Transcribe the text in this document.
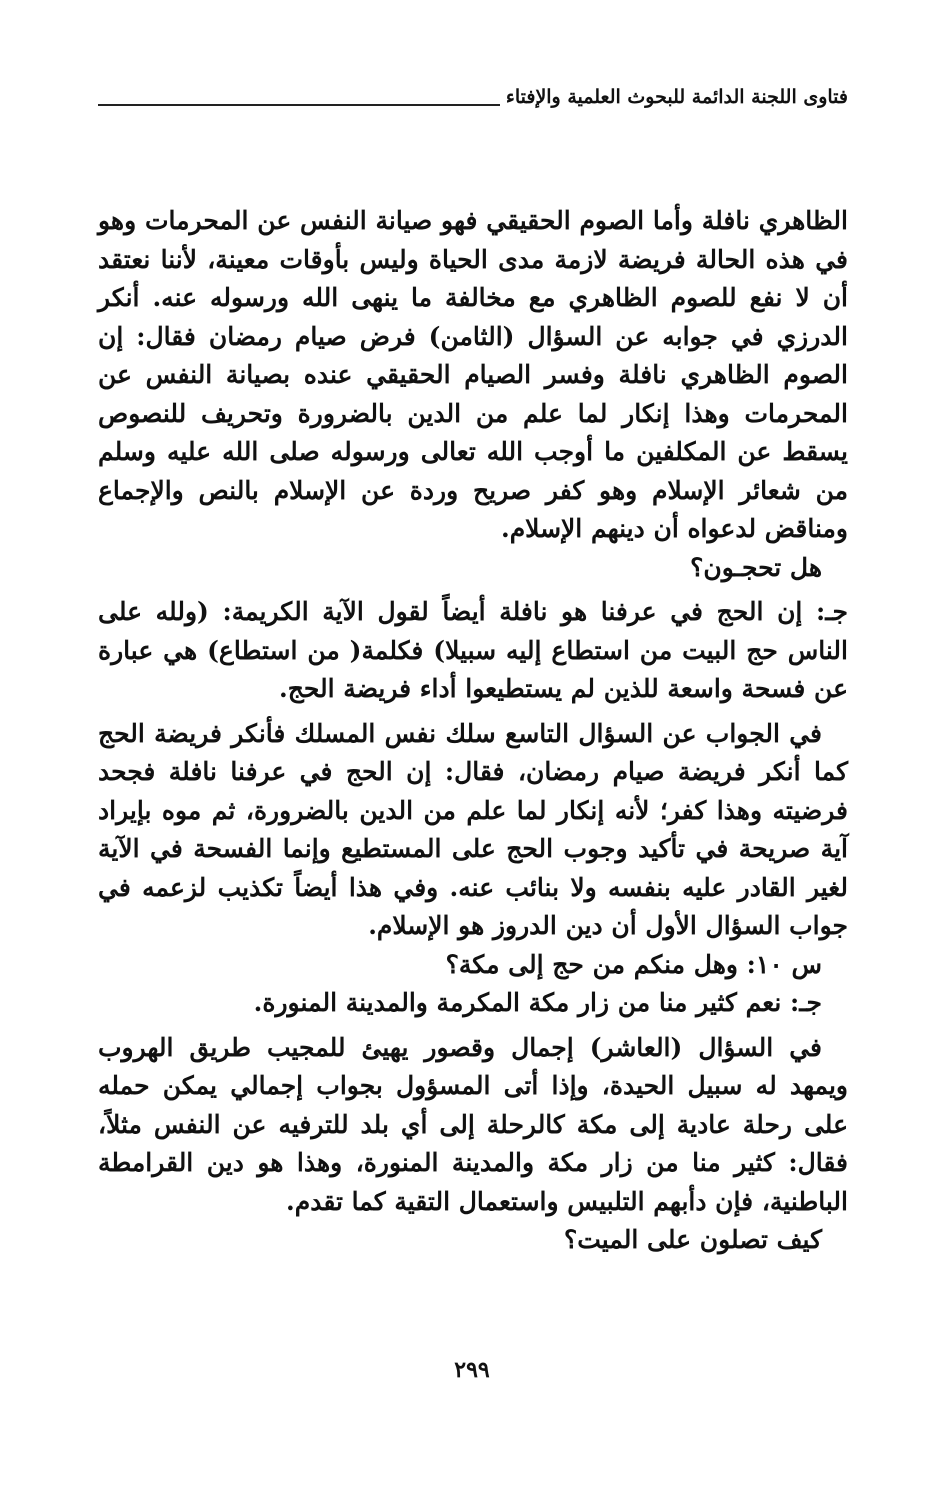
فتاوى اللجنة الدائمة للبحوث العلمية والإفتاء

الظاهري نافلة وأما الصوم الحقيقي فهو صيانة النفس عن المحرمات وهو في هذه الحالة فريضة لازمة مدى الحياة وليس بأوقات معينة، لأننا نعتقد أن لا نفع للصوم الظاهري مع مخالفة ما ينهى الله ورسوله عنه. أنكر الدرزي في جوابه عن السؤال (الثامن) فرض صيام رمضان فقال: إن الصوم الظاهري نافلة وفسر الصيام الحقيقي عنده بصيانة النفس عن المحرمات وهذا إنكار لما علم من الدين بالضرورة وتحريف للنصوص يسقط عن المكلفين ما أوجب الله تعالى ورسوله صلى الله عليه وسلم من شعائر الإسلام وهو كفر صريح وردة عن الإسلام بالنص والإجماع ومناقض لدعواه أن دينهم الإسلام.

هل تحجـون؟

جـ: إن الحج في عرفنا هو نافلة أيضاً لقول الآية الكريمة: (ولله على الناس حج البيت من استطاع إليه سبيلا) فكلمة( من استطاع) هي عبارة عن فسحة واسعة للذين لم يستطيعوا أداء فريضة الحج.

في الجواب عن السؤال التاسع سلك نفس المسلك فأنكر فريضة الحج كما أنكر فريضة صيام رمضان، فقال: إن الحج في عرفنا نافلة فجحد فرضيته وهذا كفر؛ لأنه إنكار لما علم من الدين بالضرورة، ثم موه بإيراد آية صريحة في تأكيد وجوب الحج على المستطيع وإنما الفسحة في الآية لغير القادر عليه بنفسه ولا بنائب عنه. وفي هذا أيضاً تكذيب لزعمه في جواب السؤال الأول أن دين الدروز هو الإسلام.

س ١٠: وهل منكم من حج إلى مكة؟

جـ: نعم كثير منا من زار مكة المكرمة والمدينة المنورة.

في السؤال (العاشر) إجمال وقصور يهيئ للمجيب طريق الهروب ويمهد له سبيل الحيدة، وإذا أتى المسؤول بجواب إجمالي يمكن حمله على رحلة عادية إلى مكة كالرحلة إلى أي بلد للترفيه عن النفس مثلاً، فقال: كثير منا من زار مكة والمدينة المنورة، وهذا هو دين القرامطة الباطنية، فإن دأبهم التلبيس واستعمال التقية كما تقدم.

كيف تصلون على الميت؟

٢٩٩
